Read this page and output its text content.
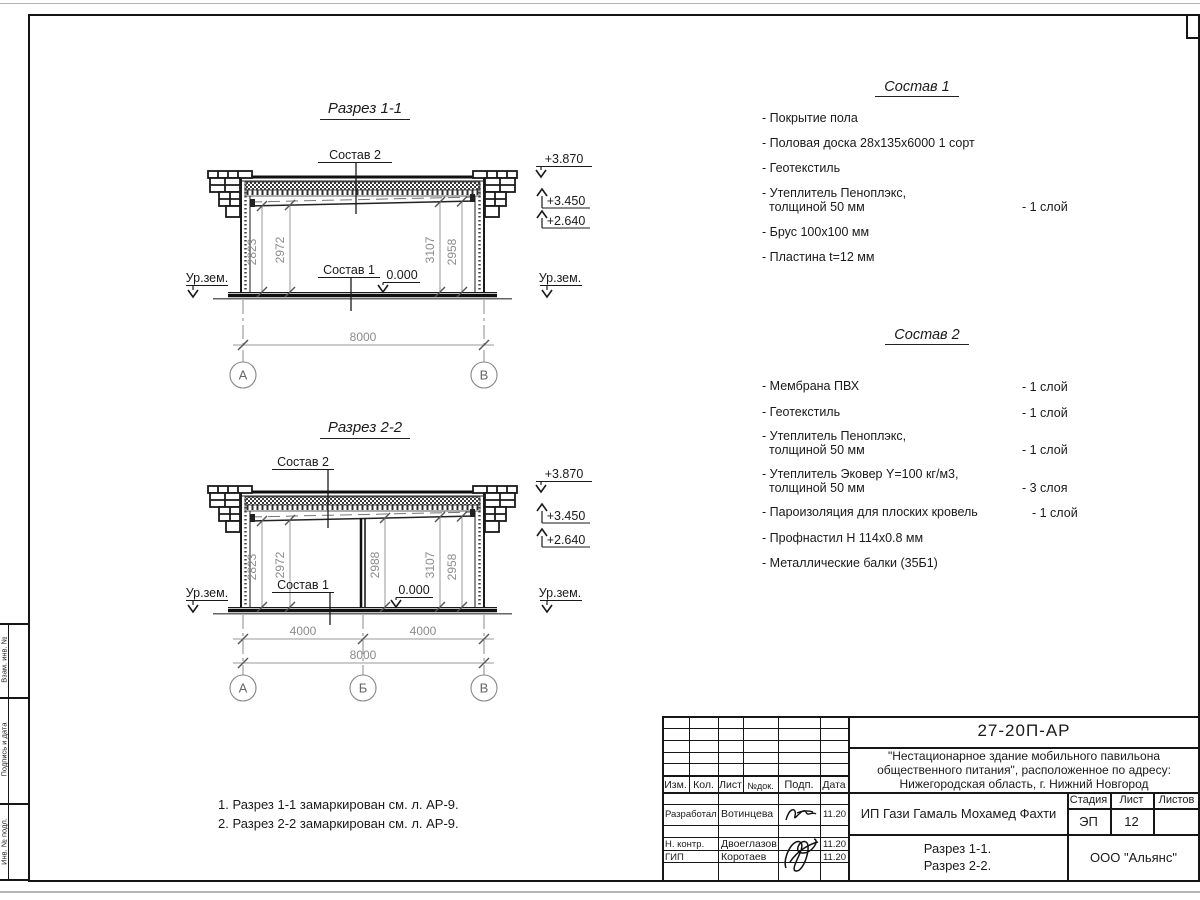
Взам. инв. №
Подпись и дата
Инв. № подл.
Разрез 1-1
Разрез 2-2
2823 2972	3107 2958
Состав 2
Состав 1 0.000
+3.870
+3.450
+2.640
Ур.зем.	Ур.зем.
8000
А	В
2823 2972	2988	3107 2958
Состав 2
Состав 1	0.000
+3.870
+3.450
+2.640
Ур.зем.	Ур.зем.
4000	4000
8000
А	Б	В
Состав 1
- Покрытие пола
- Половая доска 28х135х6000 1 сорт
- Геотекстиль
- Утеплитель Пеноплэкс,
толщиной 50 мм	- 1 слой
- Брус 100х100 мм
- Пластина t=12 мм
Состав 2
- Мембрана ПВХ	- 1 слой
- Геотекстиль	- 1 слой
- Утеплитель Пеноплэкс,
толщиной 50 мм	- 1 слой
- Утеплитель Эковер Y=100 кг/м3,
толщиной 50 мм	- 3 слоя
- Пароизоляция для плоских кровель	- 1 слой
- Профнастил Н 114х0.8 мм
- Металлические балки (35Б1)
1. Разрез 1-1 замаркирован см. л. АР-9.
2. Разрез 2-2 замаркирован см. л. АР-9.
27-20П-АР
"Нестационарное здание мобильного павильона
общественного питания", расположенное по адресу:
Нижегородская область, г. Нижний Новгород
Изм. Кол. Лист №док. Подп. Дата
Разработал Вотинцева	11.20
Н. контр. Двоеглазов	11.20
ГИП	Коротаев	11.20
ИП Гази Гамаль Мохамед Фахти
Стадия	Лист	Листов
ЭП	12
Разрез 1-1.
Разрез 2-2.
ООО "Альянс"
